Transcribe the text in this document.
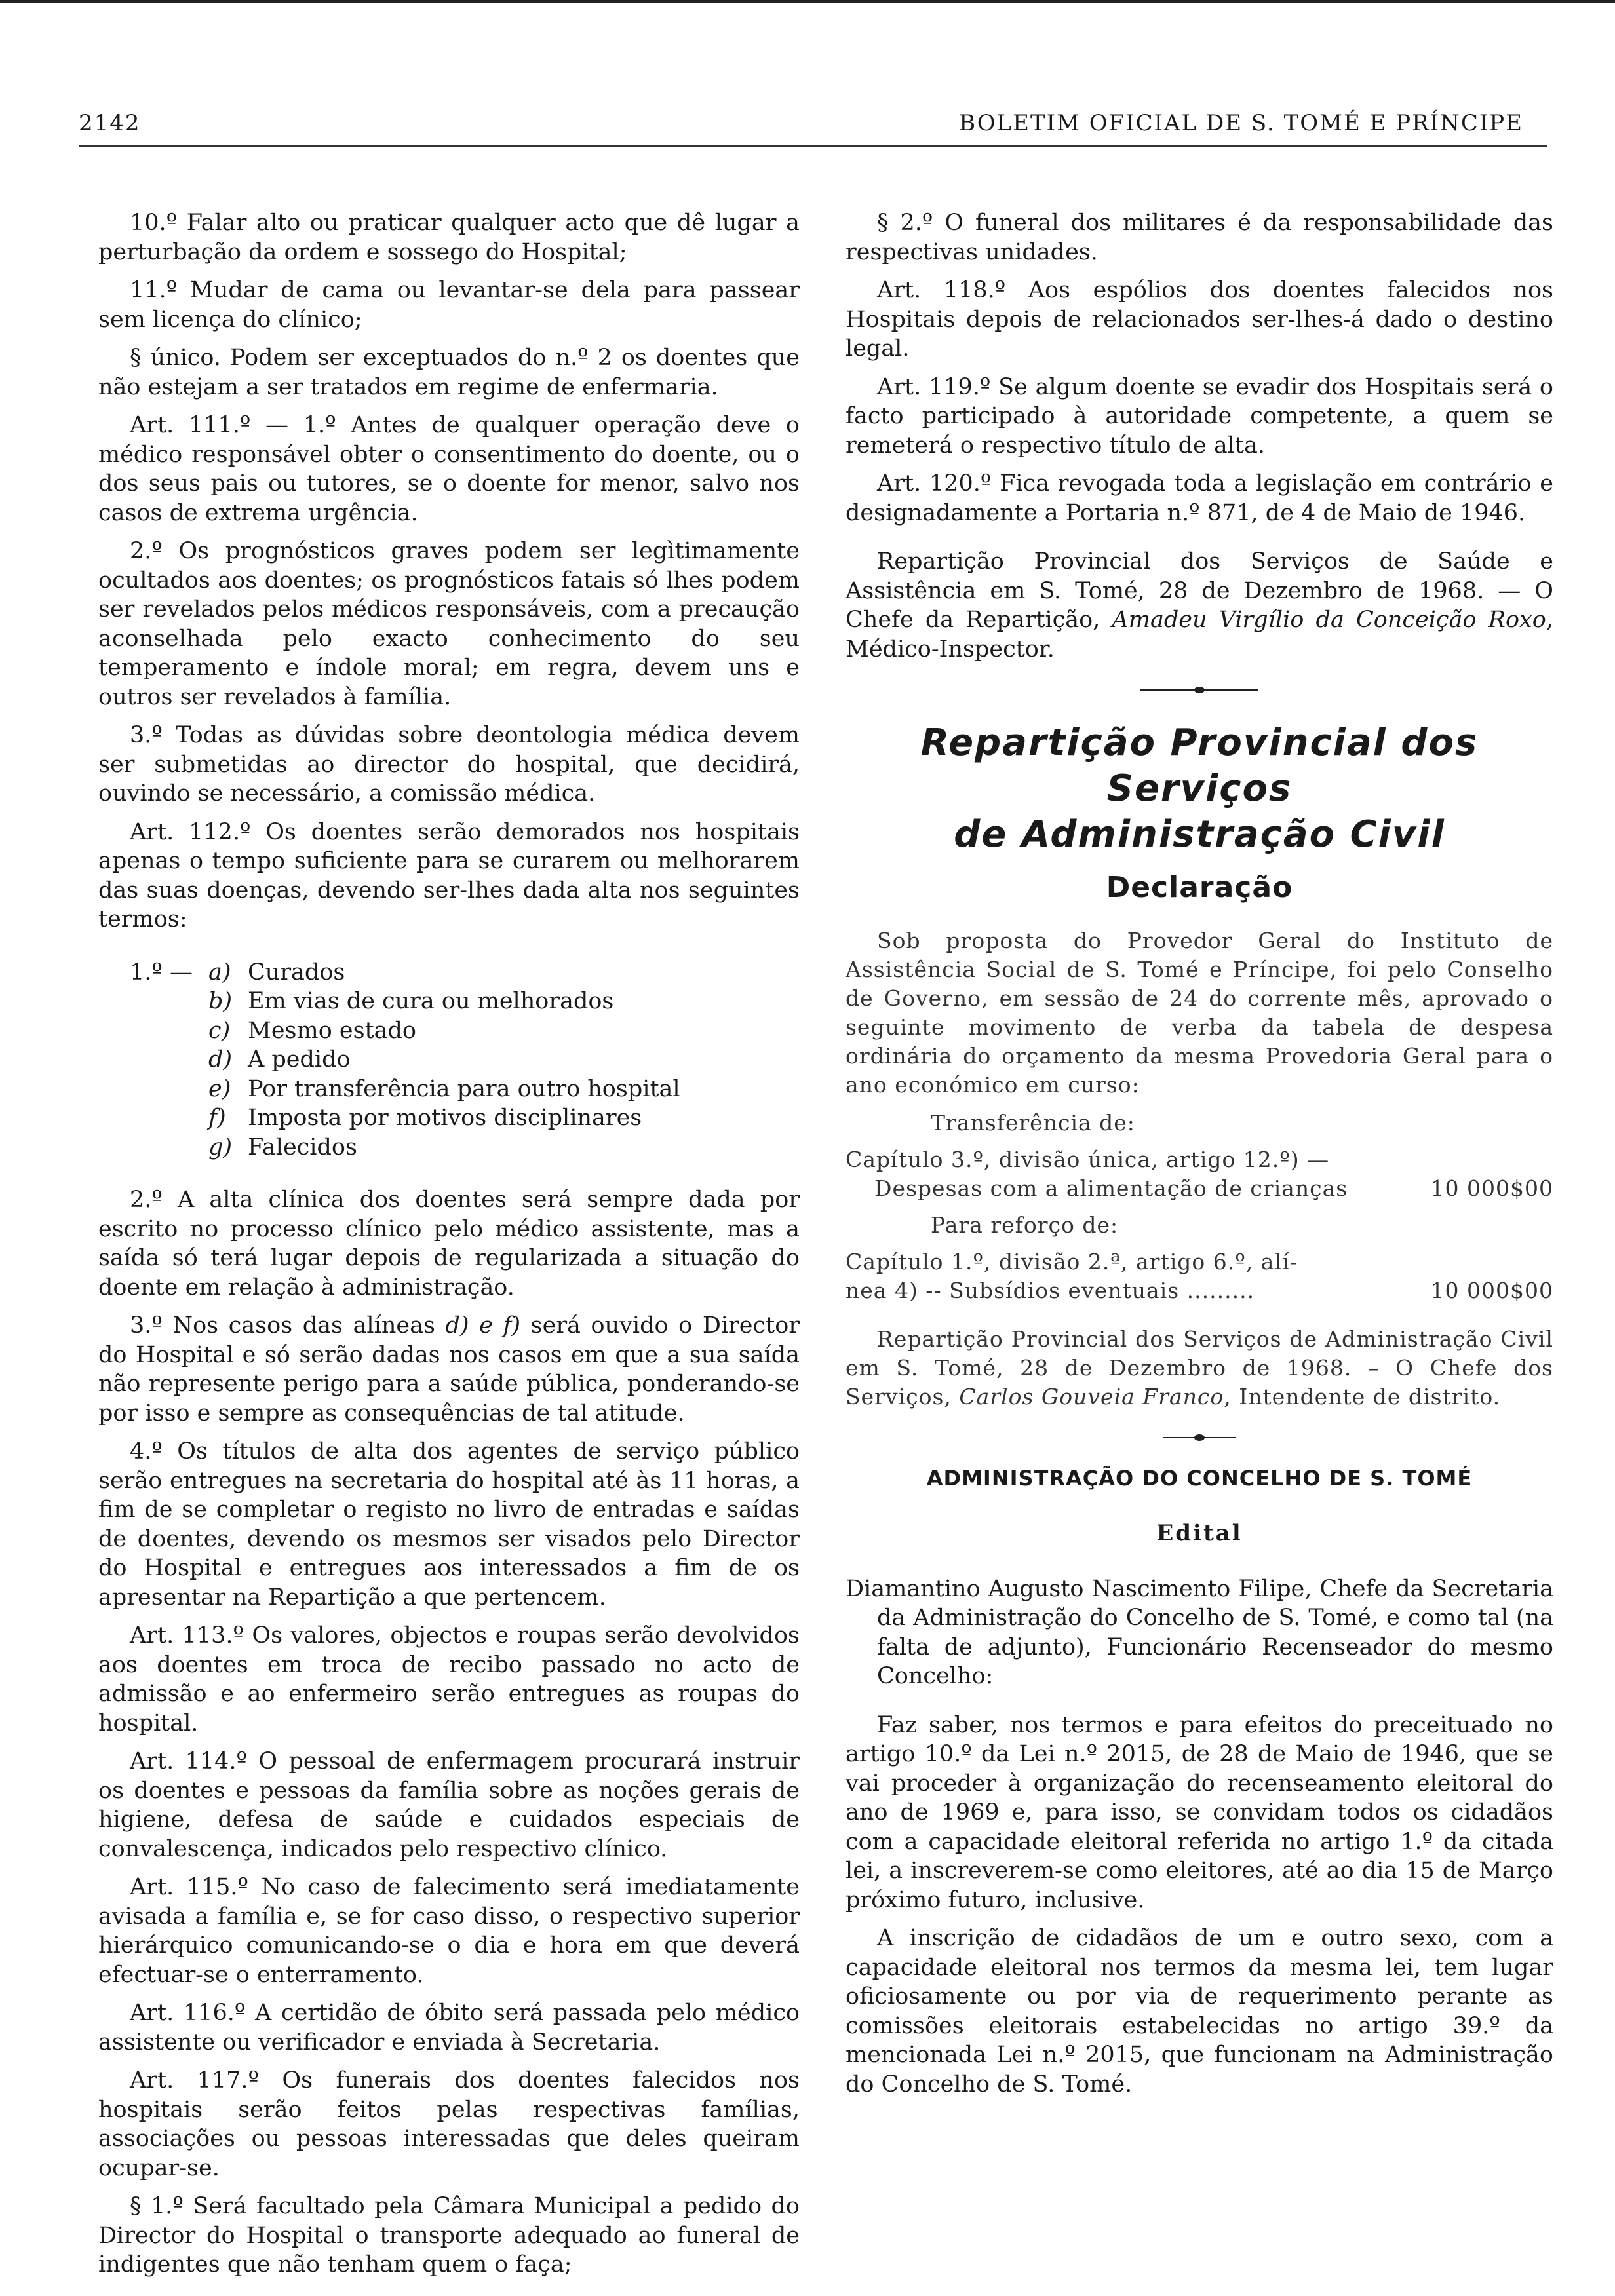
2142	BOLETIM OFICIAL DE S. TOMÉ E PRÍNCIPE

10.º Falar alto ou praticar qualquer acto que dê lugar a perturbação da ordem e sossego do Hospital;

11.º Mudar de cama ou levantar-se dela para passear sem licença do clínico;

§ único. Podem ser exceptuados do n.º 2 os doentes que não estejam a ser tratados em regime de enfermaria.

Art. 111.º — 1.º Antes de qualquer operação deve o médico responsável obter o consentimento do doente, ou o dos seus pais ou tutores, se o doente for menor, salvo nos casos de extrema urgência.

2.º Os prognósticos graves podem ser legìtimamente ocultados aos doentes; os prognósticos fatais só lhes podem ser revelados pelos médicos responsáveis, com a precaução aconselhada pelo exacto conhecimento do seu temperamento e índole moral; em regra, devem uns e outros ser revelados à família.

3.º Todas as dúvidas sobre deontologia médica devem ser submetidas ao director do hospital, que decidirá, ouvindo se necessário, a comissão médica.

Art. 112.º Os doentes serão demorados nos hospitais apenas o tempo suficiente para se curarem ou melhorarem das suas doenças, devendo ser-lhes dada alta nos seguintes termos:

1.º — a) Curados
b) Em vias de cura ou melhorados
c) Mesmo estado
d) A pedido
e) Por transferência para outro hospital
f) Imposta por motivos disciplinares
g) Falecidos

2.º A alta clínica dos doentes será sempre dada por escrito no processo clínico pelo médico assistente, mas a saída só terá lugar depois de regularizada a situação do doente em relação à administração.

3.º Nos casos das alíneas d) e f) será ouvido o Director do Hospital e só serão dadas nos casos em que a sua saída não represente perigo para a saúde pública, ponderando-se por isso e sempre as consequências de tal atitude.

4.º Os títulos de alta dos agentes de serviço público serão entregues na secretaria do hospital até às 11 horas, a fim de se completar o registo no livro de entradas e saídas de doentes, devendo os mesmos ser visados pelo Director do Hospital e entregues aos interessados a fim de os apresentar na Repartição a que pertencem.

Art. 113.º Os valores, objectos e roupas serão devolvidos aos doentes em troca de recibo passado no acto de admissão e ao enfermeiro serão entregues as roupas do hospital.

Art. 114.º O pessoal de enfermagem procurará instruir os doentes e pessoas da família sobre as noções gerais de higiene, defesa de saúde e cuidados especiais de convalescença, indicados pelo respectivo clínico.

Art. 115.º No caso de falecimento será imediatamente avisada a família e, se for caso disso, o respectivo superior hierárquico comunicando-se o dia e hora em que deverá efectuar-se o enterramento.

Art. 116.º A certidão de óbito será passada pelo médico assistente ou verificador e enviada à Secretaria.

Art. 117.º Os funerais dos doentes falecidos nos hospitais serão feitos pelas respectivas famílias, associações ou pessoas interessadas que deles queiram ocupar-se.

§ 1.º Será facultado pela Câmara Municipal a pedido do Director do Hospital o transporte adequado ao funeral de indigentes que não tenham quem o faça;

§ 2.º O funeral dos militares é da responsabilidade das respectivas unidades.

Art. 118.º Aos espólios dos doentes falecidos nos Hospitais depois de relacionados ser-lhes-á dado o destino legal.

Art. 119.º Se algum doente se evadir dos Hospitais será o facto participado à autoridade competente, a quem se remeterá o respectivo título de alta.

Art. 120.º Fica revogada toda a legislação em contrário e designadamente a Portaria n.º 871, de 4 de Maio de 1946.

Repartição Provincial dos Serviços de Saúde e Assistência em S. Tomé, 28 de Dezembro de 1968. — O Chefe da Repartição, Amadeu Virgílio da Conceição Roxo, Médico-Inspector.

Repartição Provincial dos Serviços
de Administração Civil
Declaração

Sob proposta do Provedor Geral do Instituto de Assistência Social de S. Tomé e Príncipe, foi pelo Conselho de Governo, em sessão de 24 do corrente mês, aprovado o seguinte movimento de verba da tabela de despesa ordinária do orçamento da mesma Provedoria Geral para o ano económico em curso:

Transferência de:
Capítulo 3.º, divisão única, artigo 12.º) —
Despesas com a alimentação de crianças	10 000$00
Para reforço de:
Capítulo 1.º, divisão 2.ª, artigo 6.º, alí-
nea 4) -- Subsídios eventuais .........	10 000$00

Repartição Provincial dos Serviços de Administração Civil em S. Tomé, 28 de Dezembro de 1968. – O Chefe dos Serviços, Carlos Gouveia Franco, Intendente de distrito.

ADMINISTRAÇÃO DO CONCELHO DE S. TOMÉ
Edital

Diamantino Augusto Nascimento Filipe, Chefe da Secretaria da Administração do Concelho de S. Tomé, e como tal (na falta de adjunto), Funcionário Recenseador do mesmo Concelho:

Faz saber, nos termos e para efeitos do preceituado no artigo 10.º da Lei n.º 2015, de 28 de Maio de 1946, que se vai proceder à organização do recenseamento eleitoral do ano de 1969 e, para isso, se convidam todos os cidadãos com a capacidade eleitoral referida no artigo 1.º da citada lei, a inscreverem-se como eleitores, até ao dia 15 de Março próximo futuro, inclusive.

A inscrição de cidadãos de um e outro sexo, com a capacidade eleitoral nos termos da mesma lei, tem lugar oficiosamente ou por via de requerimento perante as comissões eleitorais estabelecidas no artigo 39.º da mencionada Lei n.º 2015, que funcionam na Administração do Concelho de S. Tomé.
